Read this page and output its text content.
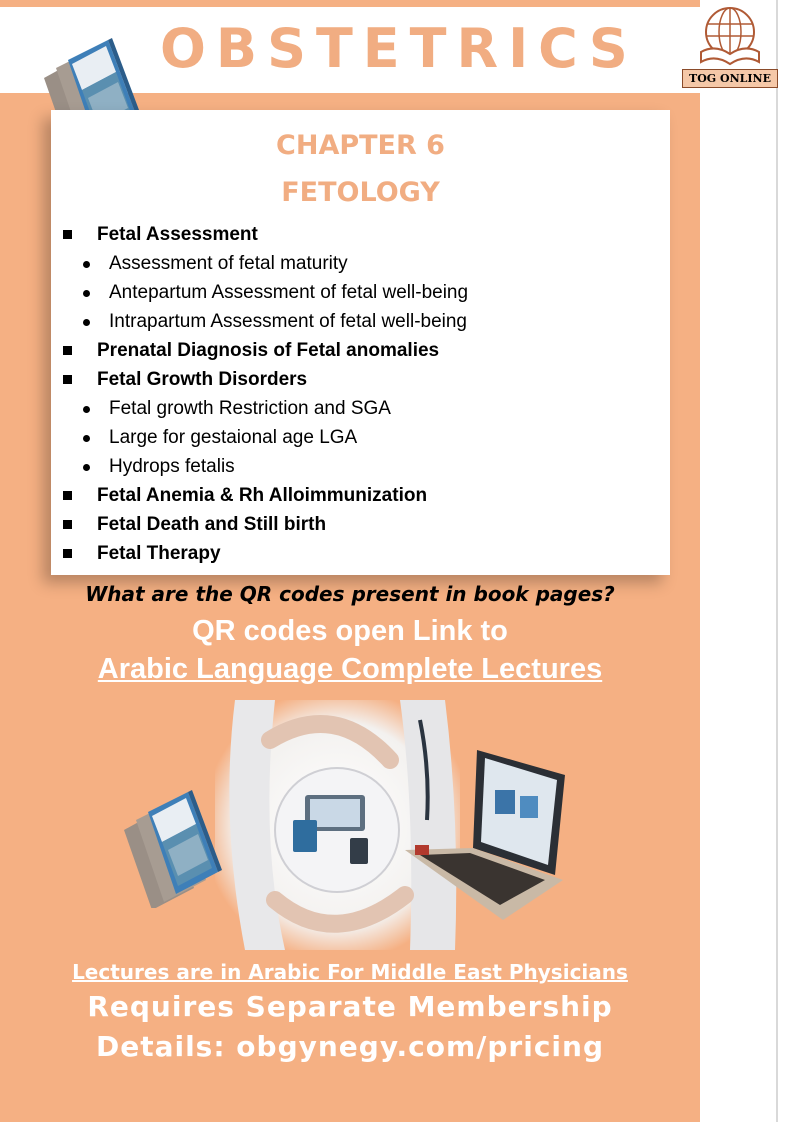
OBSTETRICS	TOG ONLINE
CHAPTER 6
FETOLOGY
Fetal Assessment
Assessment of fetal maturity
Antepartum Assessment of fetal well-being
Intrapartum Assessment of fetal well-being
Prenatal Diagnosis of Fetal anomalies
Fetal Growth Disorders
Fetal growth Restriction and SGA
Large for gestaional age LGA
Hydrops fetalis
Fetal Anemia & Rh Alloimmunization
Fetal Death and Still birth
Fetal Therapy

What are the QR codes present in book pages?

QR codes open Link to

Arabic Language Complete Lectures

Lectures are in Arabic For Middle East Physicians

Requires Separate Membership

Details: obgynegy.com/pricing
